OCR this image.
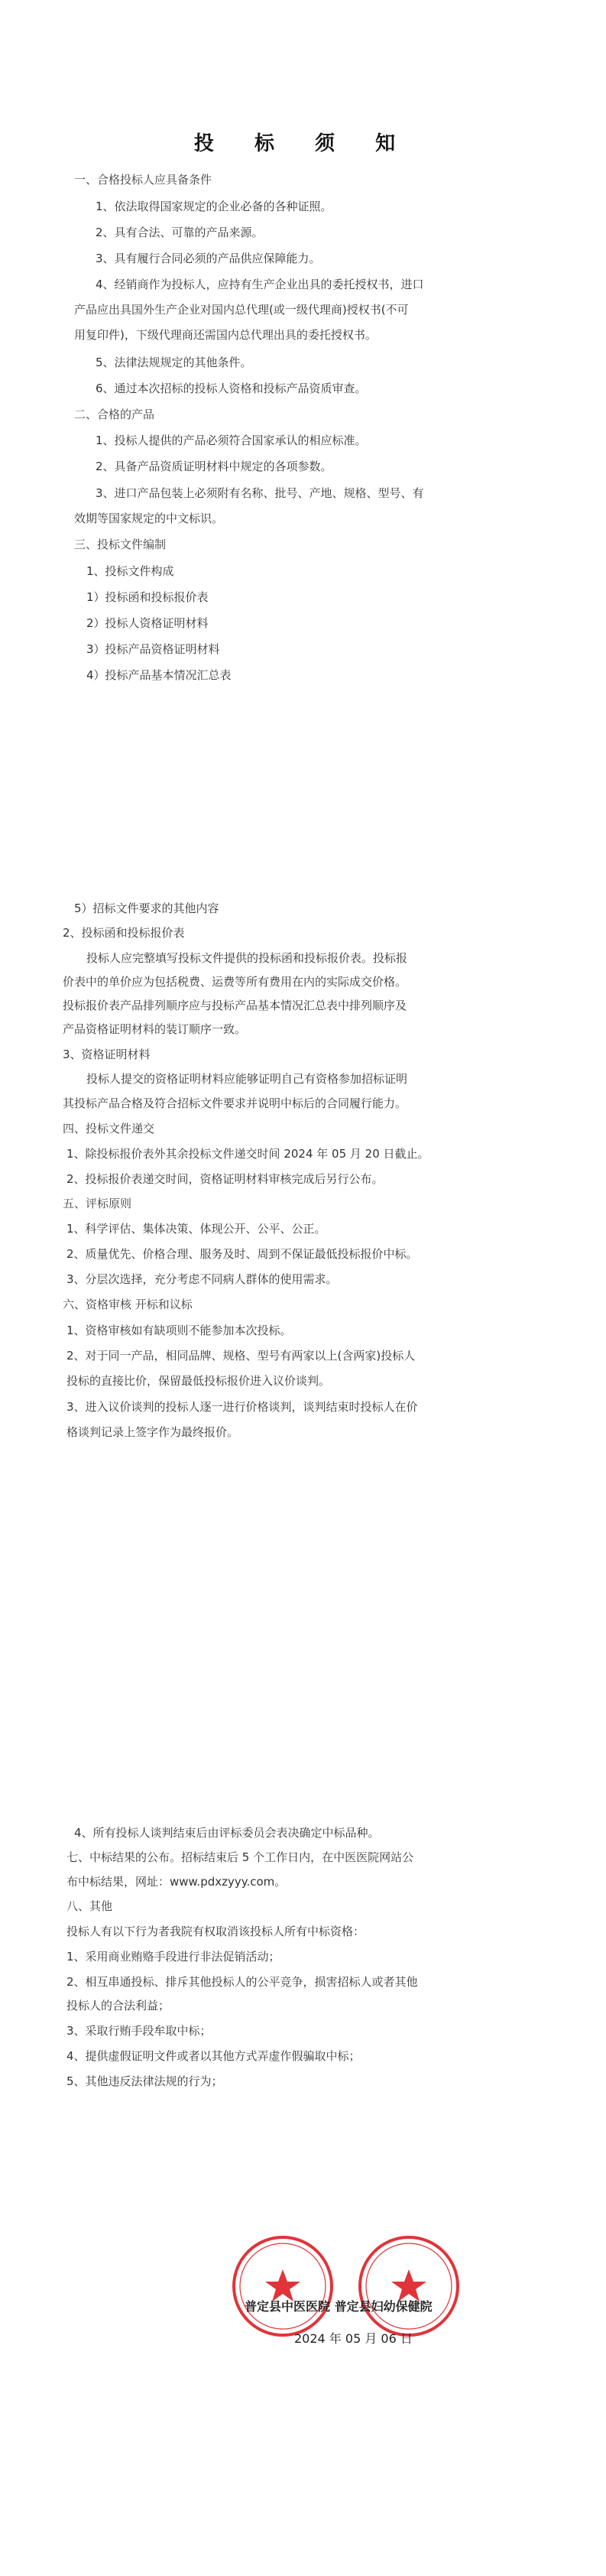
投 标 须 知
一、合格投标人应具备条件
1、依法取得国家规定的企业必备的各种证照。
2、具有合法、可靠的产品来源。
3、具有履行合同必须的产品供应保障能力。
4、经销商作为投标人，应持有生产企业出具的委托授权书，进口
产品应出具国外生产企业对国内总代理(或一级代理商)授权书(不可
用复印件)，下级代理商还需国内总代理出具的委托授权书。
5、法律法规规定的其他条件。
6、通过本次招标的投标人资格和投标产品资质审查。
二、合格的产品
1、投标人提供的产品必须符合国家承认的相应标准。
2、具备产品资质证明材料中规定的各项参数。
3、进口产品包装上必须附有名称、批号、产地、规格、型号、有
效期等国家规定的中文标识。
三、投标文件编制
1、投标文件构成
1）投标函和投标报价表
2）投标人资格证明材料
3）投标产品资格证明材料
4）投标产品基本情况汇总表
5）招标文件要求的其他内容
2、投标函和投标报价表
投标人应完整填写投标文件提供的投标函和投标报价表。投标报
价表中的单价应为包括税费、运费等所有费用在内的实际成交价格。
投标报价表产品排列顺序应与投标产品基本情况汇总表中排列顺序及
产品资格证明材料的装订顺序一致。
3、资格证明材料
投标人提交的资格证明材料应能够证明自己有资格参加招标证明
其投标产品合格及符合招标文件要求并说明中标后的合同履行能力。
四、投标文件递交
1、除投标报价表外其余投标文件递交时间 2024 年 05 月 20 日截止。
2、投标报价表递交时间，资格证明材料审核完成后另行公布。
五、评标原则
1、科学评估、集体决策、体现公开、公平、公正。
2、质量优先、价格合理、服务及时、周到不保证最低投标报价中标。
3、分层次选择，充分考虑不同病人群体的使用需求。
六、资格审核 开标和议标
1、资格审核如有缺项则不能参加本次投标。
2、对于同一产品，相同品牌、规格、型号有两家以上(含两家)投标人
投标的直接比价，保留最低投标报价进入议价谈判。
3、进入议价谈判的投标人逐一进行价格谈判，谈判结束时投标人在价
格谈判记录上签字作为最终报价。
4、所有投标人谈判结束后由评标委员会表决确定中标品种。
七、中标结果的公布。招标结束后 5 个工作日内，在中医医院网站公
布中标结果，网址：www.pdxzyyy.com。
八、其他
投标人有以下行为者我院有权取消该投标人所有中标资格：
1、采用商业贿赂手段进行非法促销活动；
2、相互串通投标、排斥其他投标人的公平竞争，损害招标人或者其他
投标人的合法利益；
3、采取行贿手段牟取中标；
4、提供虚假证明文件或者以其他方式弄虚作假骗取中标；
5、其他违反法律法规的行为；
普定县中医医院 普定县妇幼保健院
2024 年 05 月 06 日
